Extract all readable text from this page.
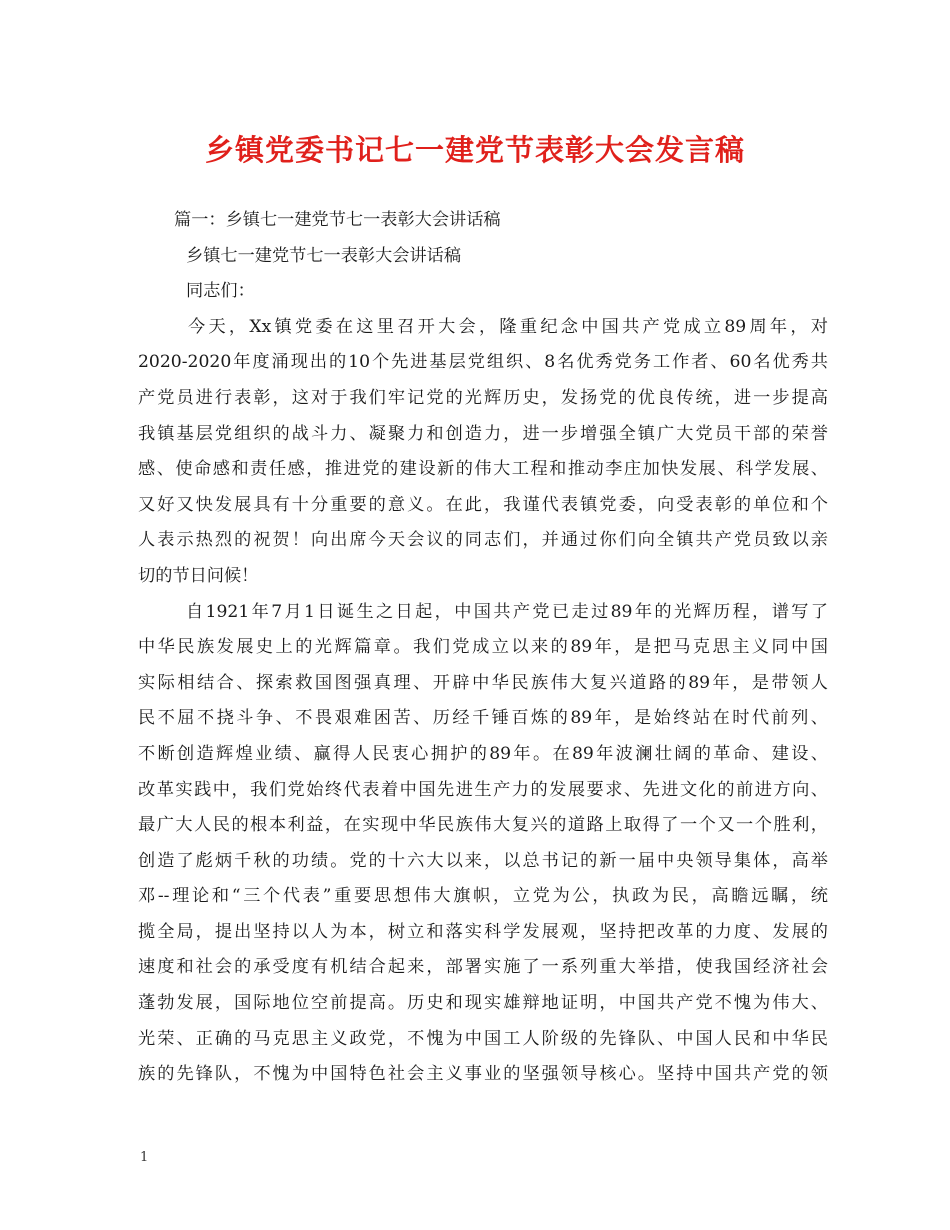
乡镇党委书记七一建党节表彰大会发言稿
篇一：乡镇七一建党节七一表彰大会讲话稿
乡镇七一建党节七一表彰大会讲话稿
同志们：
今天，Xx镇党委在这里召开大会，隆重纪念中国共产党成立89周年，对
2020-2020年度涌现出的10个先进基层党组织、8名优秀党务工作者、60名优秀共
产党员进行表彰，这对于我们牢记党的光辉历史，发扬党的优良传统，进一步提高
我镇基层党组织的战斗力、凝聚力和创造力，进一步增强全镇广大党员干部的荣誉
感、使命感和责任感，推进党的建设新的伟大工程和推动李庄加快发展、科学发展、
又好又快发展具有十分重要的意义。在此，我谨代表镇党委，向受表彰的单位和个
人表示热烈的祝贺！向出席今天会议的同志们，并通过你们向全镇共产党员致以亲
切的节日问候！
自1921年7月1日诞生之日起，中国共产党已走过89年的光辉历程，谱写了
中华民族发展史上的光辉篇章。我们党成立以来的89年，是把马克思主义同中国
实际相结合、探索救国图强真理、开辟中华民族伟大复兴道路的89年，是带领人
民不屈不挠斗争、不畏艰难困苦、历经千锤百炼的89年，是始终站在时代前列、
不断创造辉煌业绩、赢得人民衷心拥护的89年。在89年波澜壮阔的革命、建设、
改革实践中，我们党始终代表着中国先进生产力的发展要求、先进文化的前进方向、
最广大人民的根本利益，在实现中华民族伟大复兴的道路上取得了一个又一个胜利，
创造了彪炳千秋的功绩。党的十六大以来，以总书记的新一届中央领导集体，高举
邓--理论和“三个代表”重要思想伟大旗帜，立党为公，执政为民，高瞻远瞩，统
揽全局，提出坚持以人为本，树立和落实科学发展观，坚持把改革的力度、发展的
速度和社会的承受度有机结合起来，部署实施了一系列重大举措，使我国经济社会
蓬勃发展，国际地位空前提高。历史和现实雄辩地证明，中国共产党不愧为伟大、
光荣、正确的马克思主义政党，不愧为中国工人阶级的先锋队、中国人民和中华民
族的先锋队，不愧为中国特色社会主义事业的坚强领导核心。坚持中国共产党的领
1
